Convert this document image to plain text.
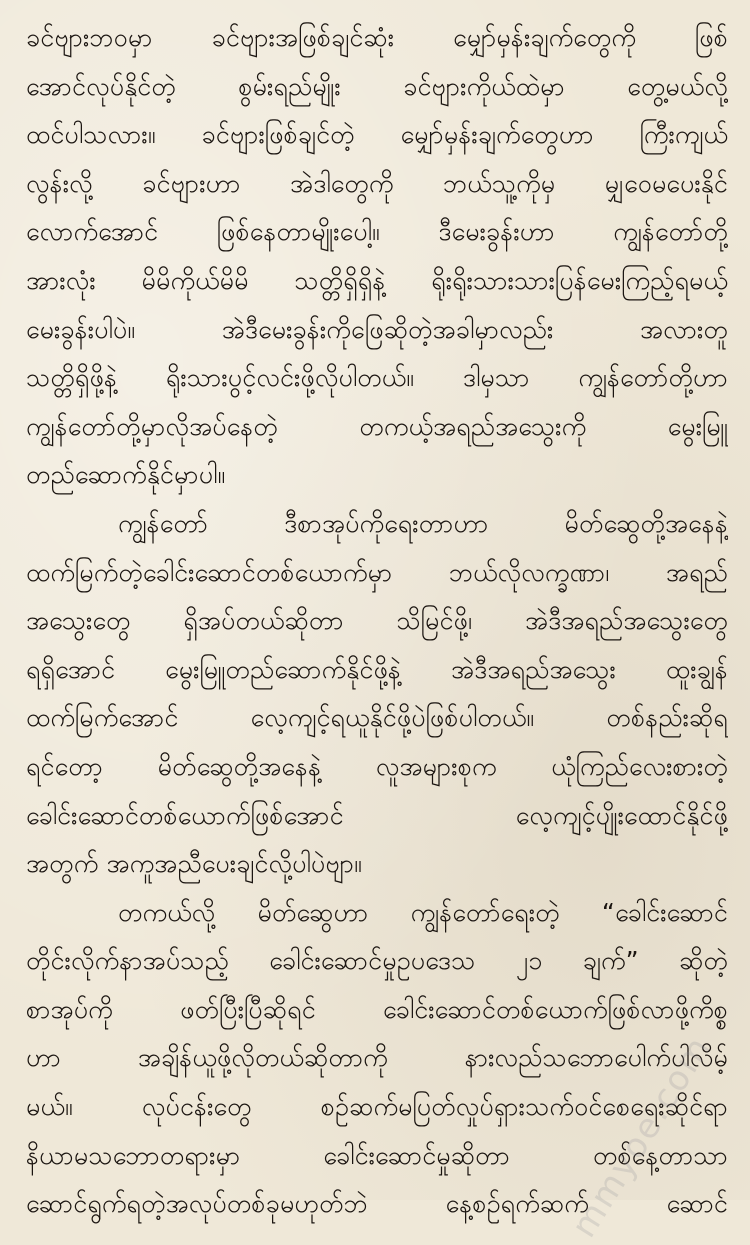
ခင်ဗျားဘဝမှာ ခင်ဗျားအဖြစ်ချင်ဆုံး မျှော်မှန်းချက်တွေကို ဖြစ်
အောင်လုပ်နိုင်တဲ့ စွမ်းရည်မျိုး ခင်ဗျားကိုယ်ထဲမှာ တွေ့မယ်လို့
ထင်ပါသလား။ ခင်ဗျားဖြစ်ချင်တဲ့ မျှော်မှန်းချက်တွေဟာ ကြီးကျယ်
လွန်းလို့ ခင်ဗျားဟာ အဲဒါတွေကို ဘယ်သူ့ကိုမှ မျှဝေမပေးနိုင်
လောက်အောင် ဖြစ်နေတာမျိုးပေါ့။ ဒီမေးခွန်းဟာ ကျွန်တော်တို့
အားလုံး မိမိကိုယ်မိမိ သတ္တိရှိရှိနဲ့ ရိုးရိုးသားသားပြန်မေးကြည့်ရမယ့်
မေးခွန်းပါပဲ။ အဲဒီမေးခွန်းကိုဖြေဆိုတဲ့အခါမှာလည်း အလားတူ
သတ္တိရှိဖို့နဲ့ ရိုးသားပွင့်လင်းဖို့လိုပါတယ်။ ဒါမှသာ ကျွန်တော်တို့ဟာ
ကျွန်တော်တို့မှာလိုအပ်နေတဲ့ တကယ့်အရည်အသွေးကို မွေးမြူ
တည်ဆောက်နိုင်မှာပါ။
ကျွန်တော် ဒီစာအုပ်ကိုရေးတာဟာ မိတ်ဆွေတို့အနေနဲ့
ထက်မြက်တဲ့ခေါင်းဆောင်တစ်ယောက်မှာ ဘယ်လိုလက္ခဏာ၊ အရည်
အသွေးတွေ ရှိအပ်တယ်ဆိုတာ သိမြင်ဖို့၊ အဲဒီအရည်အသွေးတွေ
ရရှိအောင် မွေးမြူတည်ဆောက်နိုင်ဖို့နဲ့ အဲဒီအရည်အသွေး ထူးချွန်
ထက်မြက်အောင် လေ့ကျင့်ရယူနိုင်ဖို့ပဲဖြစ်ပါတယ်။ တစ်နည်းဆိုရ
ရင်တော့ မိတ်ဆွေတို့အနေနဲ့ လူအများစုက ယုံကြည်လေးစားတဲ့
ခေါင်းဆောင်တစ်ယောက်ဖြစ်အောင် လေ့ကျင့်ပျိုးထောင်နိုင်ဖို့
အတွက် အကူအညီပေးချင်လို့ပါပဲဗျာ။
တကယ်လို့ မိတ်ဆွေဟာ ကျွန်တော်ရေးတဲ့ “ခေါင်းဆောင်
တိုင်းလိုက်နာအပ်သည့် ခေါင်းဆောင်မှုဥပဒေသ ၂၁ ချက်” ဆိုတဲ့
စာအုပ်ကို ဖတ်ပြီးပြီဆိုရင် ခေါင်းဆောင်တစ်ယောက်ဖြစ်လာဖို့ကိစ္စ
ဟာ အချိန်ယူဖို့လိုတယ်ဆိုတာကို နားလည်သဘောပေါက်ပါလိမ့်
မယ်။ လုပ်ငန်းတွေ စဉ်ဆက်မပြတ်လှုပ်ရှားသက်ဝင်စေရေးဆိုင်ရာ
နိယာမသဘောတရားမှာ ခေါင်းဆောင်မှုဆိုတာ တစ်နေ့တာသာ
ဆောင်ရွက်ရတဲ့အလုပ်တစ်ခုမဟုတ်ဘဲ နေ့စဉ်ရက်ဆက် ဆောင်
mmyoe.com
